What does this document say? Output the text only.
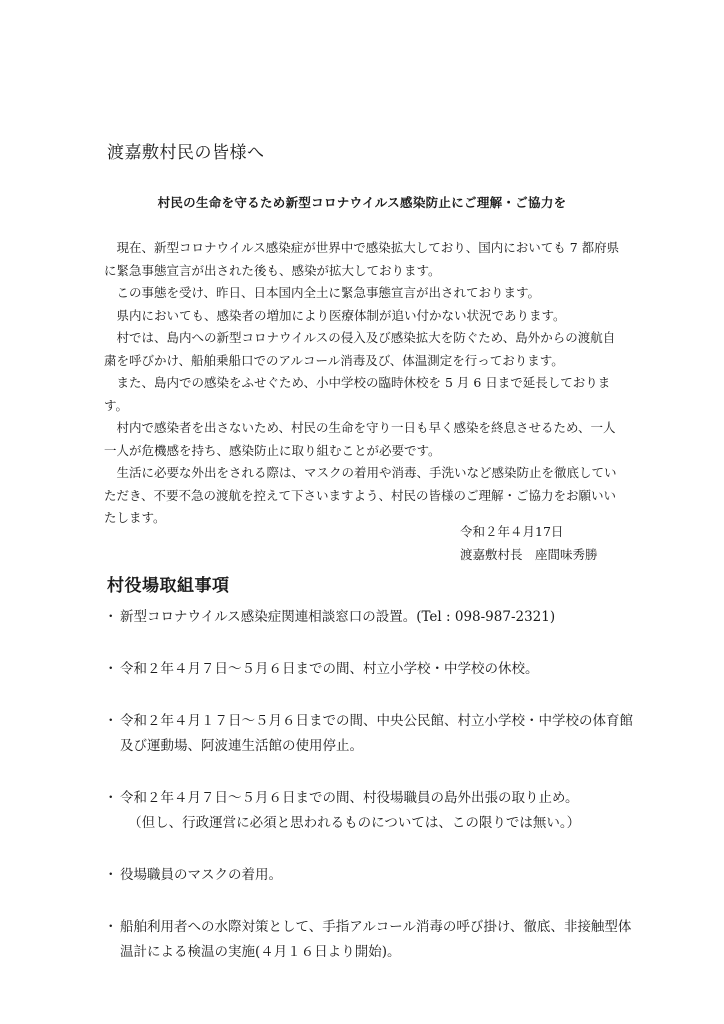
渡嘉敷村民の皆様へ
村民の生命を守るため新型コロナウイルス感染防止にご理解・ご協力を

現在、新型コロナウイルス感染症が世界中で感染拡大しており、国内においても 7 都府県に緊急事態宣言が出された後も、感染が拡大しております。

この事態を受け、昨日、日本国内全土に緊急事態宣言が出されております。

県内においても、感染者の増加により医療体制が追い付かない状況であります。

村では、島内への新型コロナウイルスの侵入及び感染拡大を防ぐため、島外からの渡航自粛を呼びかけ、船舶乗船口でのアルコール消毒及び、体温測定を行っております。

また、島内での感染をふせぐため、小中学校の臨時休校を 5 月 6 日まで延長しております。

村内で感染者を出さないため、村民の生命を守り一日も早く感染を終息させるため、一人一人が危機感を持ち、感染防止に取り組むことが必要です。

生活に必要な外出をされる際は、マスクの着用や消毒、手洗いなど感染防止を徹底していただき、不要不急の渡航を控えて下さいますよう、村民の皆様のご理解・ご協力をお願いいたします。

令和２年４月17日
渡嘉敷村長　座間味秀勝
村役場取組事項
・ 新型コロナウイルス感染症関連相談窓口の設置。(Tel : 098-987-2321)
・ 令和２年４月７日～５月６日までの間、村立小学校・中学校の休校。
・ 令和２年４月１７日～５月６日までの間、中央公民館、村立小学校・中学校の体育館及び運動場、阿波連生活館の使用停止。
・ 令和２年４月７日～５月６日までの間、村役場職員の島外出張の取り止め。
（但し、行政運営に必須と思われるものについては、この限りでは無い。）
・ 役場職員のマスクの着用。
・ 船舶利用者への水際対策として、手指アルコール消毒の呼び掛け、徹底、非接触型体温計による検温の実施(４月１６日より開始)。
